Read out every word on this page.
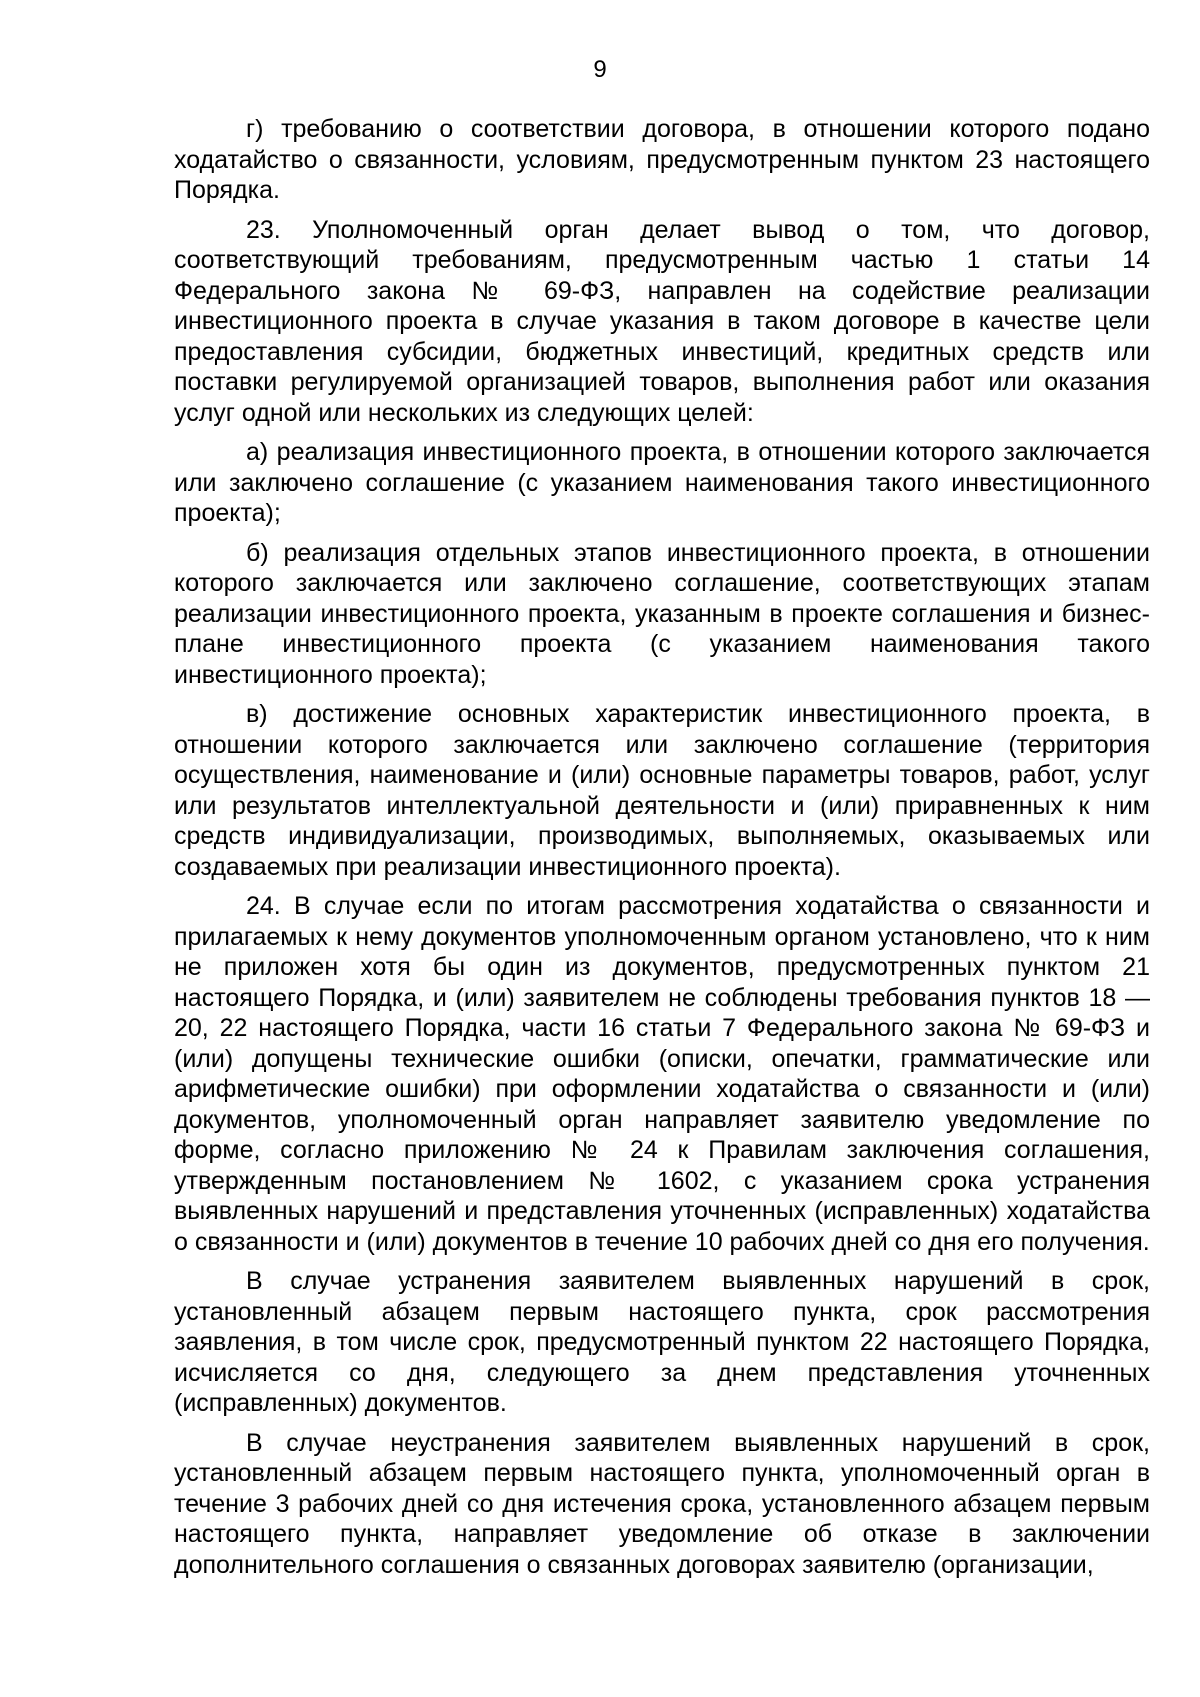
9

г) требованию о соответствии договора, в отношении которого подано ходатайство о связанности, условиям, предусмотренным пунктом 23 настоящего Порядка.

23. Уполномоченный орган делает вывод о том, что договор, соответствующий требованиям, предусмотренным частью 1 статьи 14 Федерального закона № 69-ФЗ, направлен на содействие реализации инвестиционного проекта в случае указания в таком договоре в качестве цели предоставления субсидии, бюджетных инвестиций, кредитных средств или поставки регулируемой организацией товаров, выполнения работ или оказания услуг одной или нескольких из следующих целей:

а) реализация инвестиционного проекта, в отношении которого заключается или заключено соглашение (с указанием наименования такого инвестиционного проекта);

б) реализация отдельных этапов инвестиционного проекта, в отношении которого заключается или заключено соглашение, соответствующих этапам реализации инвестиционного проекта, указанным в проекте соглашения и бизнес-плане инвестиционного проекта (с указанием наименования такого инвестиционного проекта);

в) достижение основных характеристик инвестиционного проекта, в отношении которого заключается или заключено соглашение (территория осуществления, наименование и (или) основные параметры товаров, работ, услуг или результатов интеллектуальной деятельности и (или) приравненных к ним средств индивидуализации, производимых, выполняемых, оказываемых или создаваемых при реализации инвестиционного проекта).

24. В случае если по итогам рассмотрения ходатайства о связанности и прилагаемых к нему документов уполномоченным органом установлено, что к ним не приложен хотя бы один из документов, предусмотренных пунктом 21 настоящего Порядка, и (или) заявителем не соблюдены требования пунктов 18 — 20, 22 настоящего Порядка, части 16 статьи 7 Федерального закона № 69-ФЗ и (или) допущены технические ошибки (описки, опечатки, грамматические или арифметические ошибки) при оформлении ходатайства о связанности и (или) документов, уполномоченный орган направляет заявителю уведомление по форме, согласно приложению № 24 к Правилам заключения соглашения, утвержденным постановлением № 1602, с указанием срока устранения выявленных нарушений и представления уточненных (исправленных) ходатайства о связанности и (или) документов в течение 10 рабочих дней со дня его получения.

В случае устранения заявителем выявленных нарушений в срок, установленный абзацем первым настоящего пункта, срок рассмотрения заявления, в том числе срок, предусмотренный пунктом 22 настоящего Порядка, исчисляется со дня, следующего за днем представления уточненных (исправленных) документов.

В случае неустранения заявителем выявленных нарушений в срок, установленный абзацем первым настоящего пункта, уполномоченный орган в течение 3 рабочих дней со дня истечения срока, установленного абзацем первым настоящего пункта, направляет уведомление об отказе в заключении дополнительного соглашения о связанных договорах заявителю (организации,
